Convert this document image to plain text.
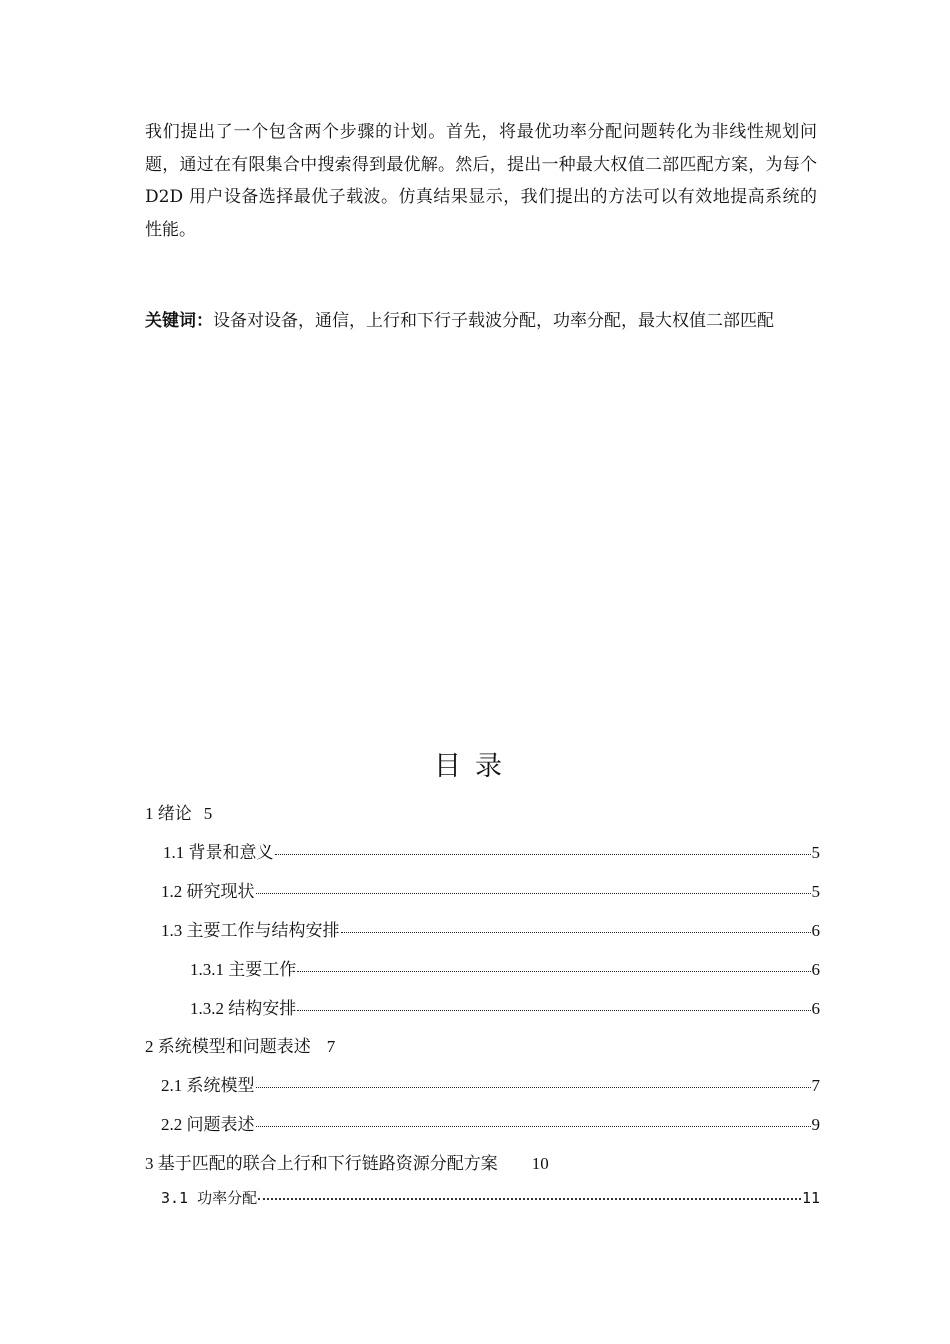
我们提出了一个包含两个步骤的计划。首先，将最优功率分配问题转化为非线性规划问题，通过在有限集合中搜索得到最优解。然后，提出一种最大权值二部匹配方案，为每个 D2D 用户设备选择最优子载波。仿真结果显示，我们提出的方法可以有效地提高系统的性能。
关键词：设备对设备，通信，上行和下行子载波分配，功率分配，最大权值二部匹配
目录
1 绪论 5
1.1 背景和意义	5
1.2 研究现状	5
1.3 主要工作与结构安排	6
1.3.1 主要工作	6
1.3.2 结构安排	6
2 系统模型和问题表述 7
2.1 系统模型	7
2.2 问题表述	9
3 基于匹配的联合上行和下行链路资源分配方案 10
3.1 功率分配	11
